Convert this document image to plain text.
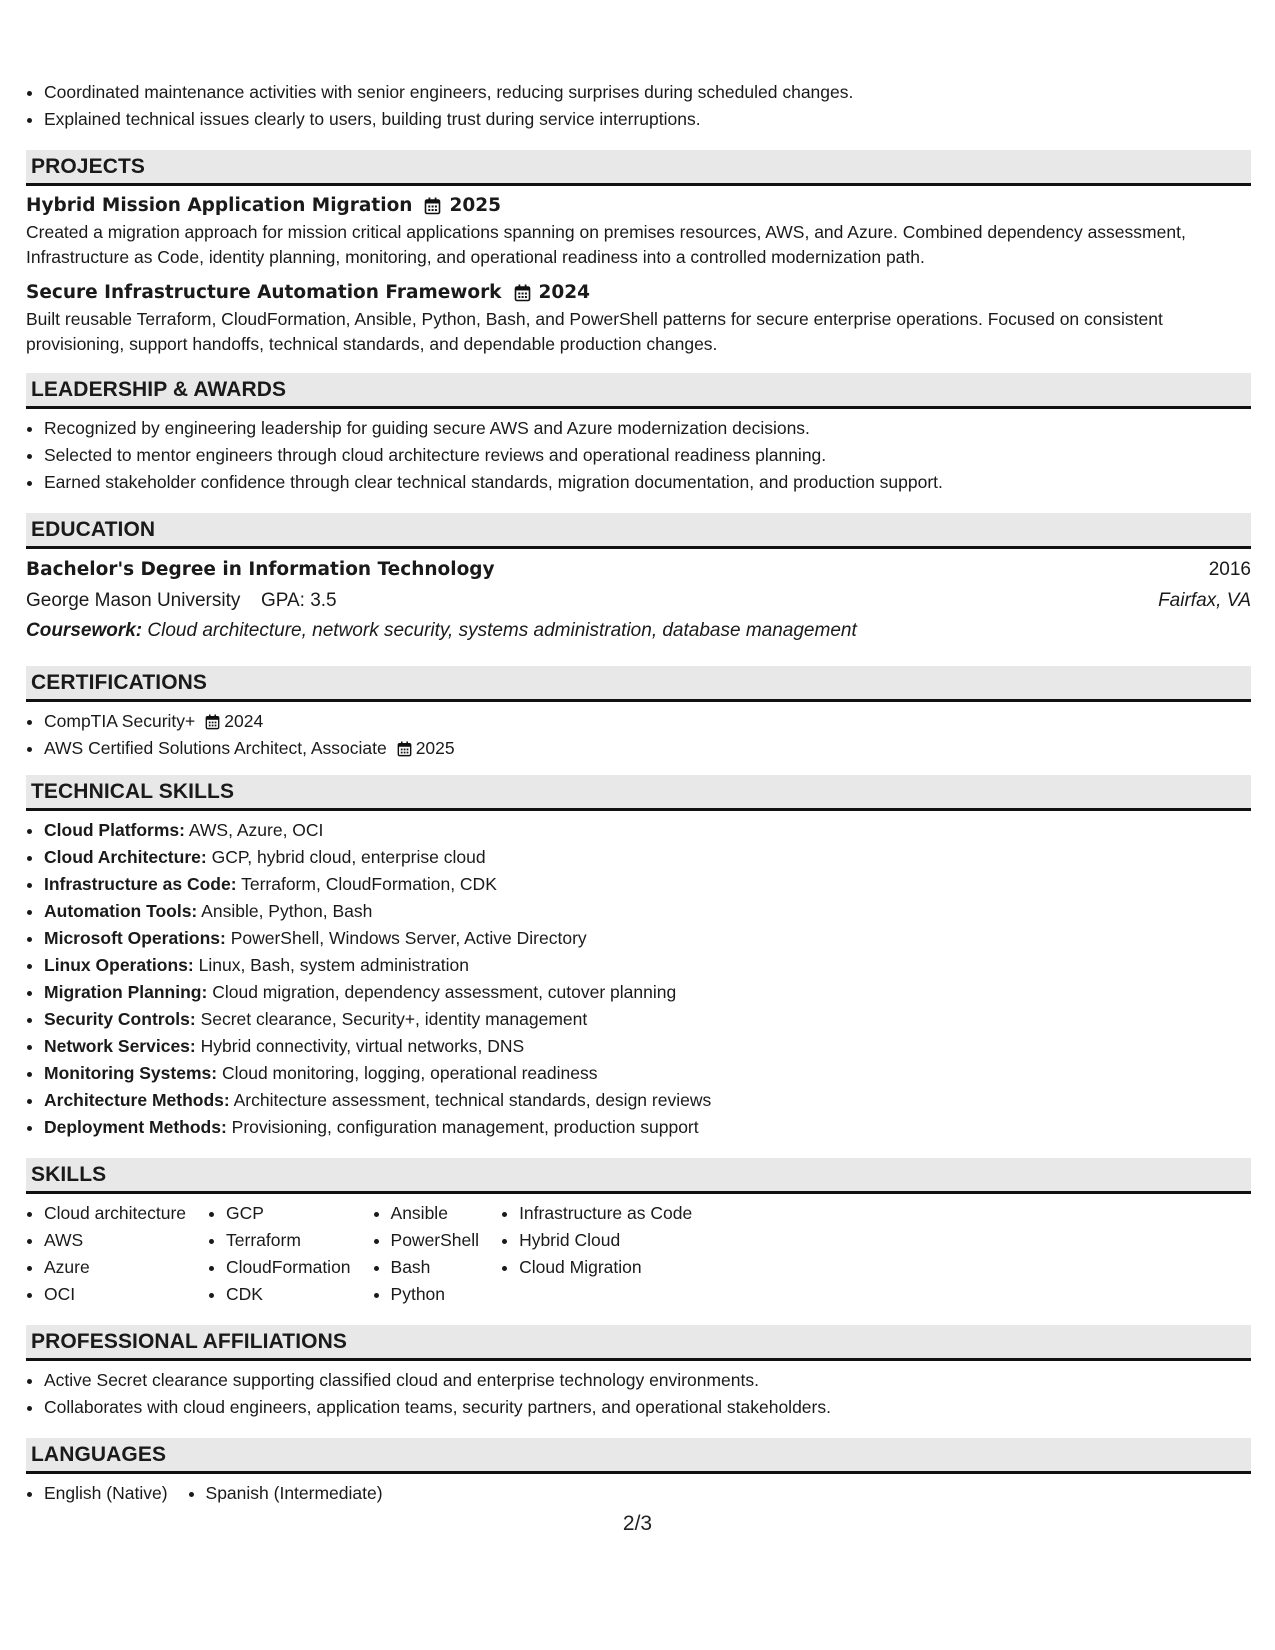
• Coordinated maintenance activities with senior engineers, reducing surprises during scheduled changes.
• Explained technical issues clearly to users, building trust during service interruptions.
PROJECTS
Hybrid Mission Application Migration 2025
Created a migration approach for mission critical applications spanning on premises resources, AWS, and Azure. Combined dependency assessment, Infrastructure as Code, identity planning, monitoring, and operational readiness into a controlled modernization path.
Secure Infrastructure Automation Framework 2024
Built reusable Terraform, CloudFormation, Ansible, Python, Bash, and PowerShell patterns for secure enterprise operations. Focused on consistent provisioning, support handoffs, technical standards, and dependable production changes.
LEADERSHIP & AWARDS
• Recognized by engineering leadership for guiding secure AWS and Azure modernization decisions.
• Selected to mentor engineers through cloud architecture reviews and operational readiness planning.
• Earned stakeholder confidence through clear technical standards, migration documentation, and production support.
EDUCATION
Bachelor's Degree in Information Technology	2016
George Mason University GPA: 3.5	Fairfax, VA
Coursework: Cloud architecture, network security, systems administration, database management
CERTIFICATIONS
• CompTIA Security+ 2024
• AWS Certified Solutions Architect, Associate 2025
TECHNICAL SKILLS
• Cloud Platforms: AWS, Azure, OCI
• Cloud Architecture: GCP, hybrid cloud, enterprise cloud
• Infrastructure as Code: Terraform, CloudFormation, CDK
• Automation Tools: Ansible, Python, Bash
• Microsoft Operations: PowerShell, Windows Server, Active Directory
• Linux Operations: Linux, Bash, system administration
• Migration Planning: Cloud migration, dependency assessment, cutover planning
• Security Controls: Secret clearance, Security+, identity management
• Network Services: Hybrid connectivity, virtual networks, DNS
• Monitoring Systems: Cloud monitoring, logging, operational readiness
• Architecture Methods: Architecture assessment, technical standards, design reviews
• Deployment Methods: Provisioning, configuration management, production support
SKILLS
• Cloud architecture
• AWS
• Azure
• OCI
• GCP
• Terraform
• CloudFormation
• CDK
• Ansible
• PowerShell
• Bash
• Python
• Infrastructure as Code
• Hybrid Cloud
• Cloud Migration
PROFESSIONAL AFFILIATIONS
• Active Secret clearance supporting classified cloud and enterprise technology environments.
• Collaborates with cloud engineers, application teams, security partners, and operational stakeholders.
LANGUAGES
• English (Native)
• Spanish (Intermediate)
2/3
